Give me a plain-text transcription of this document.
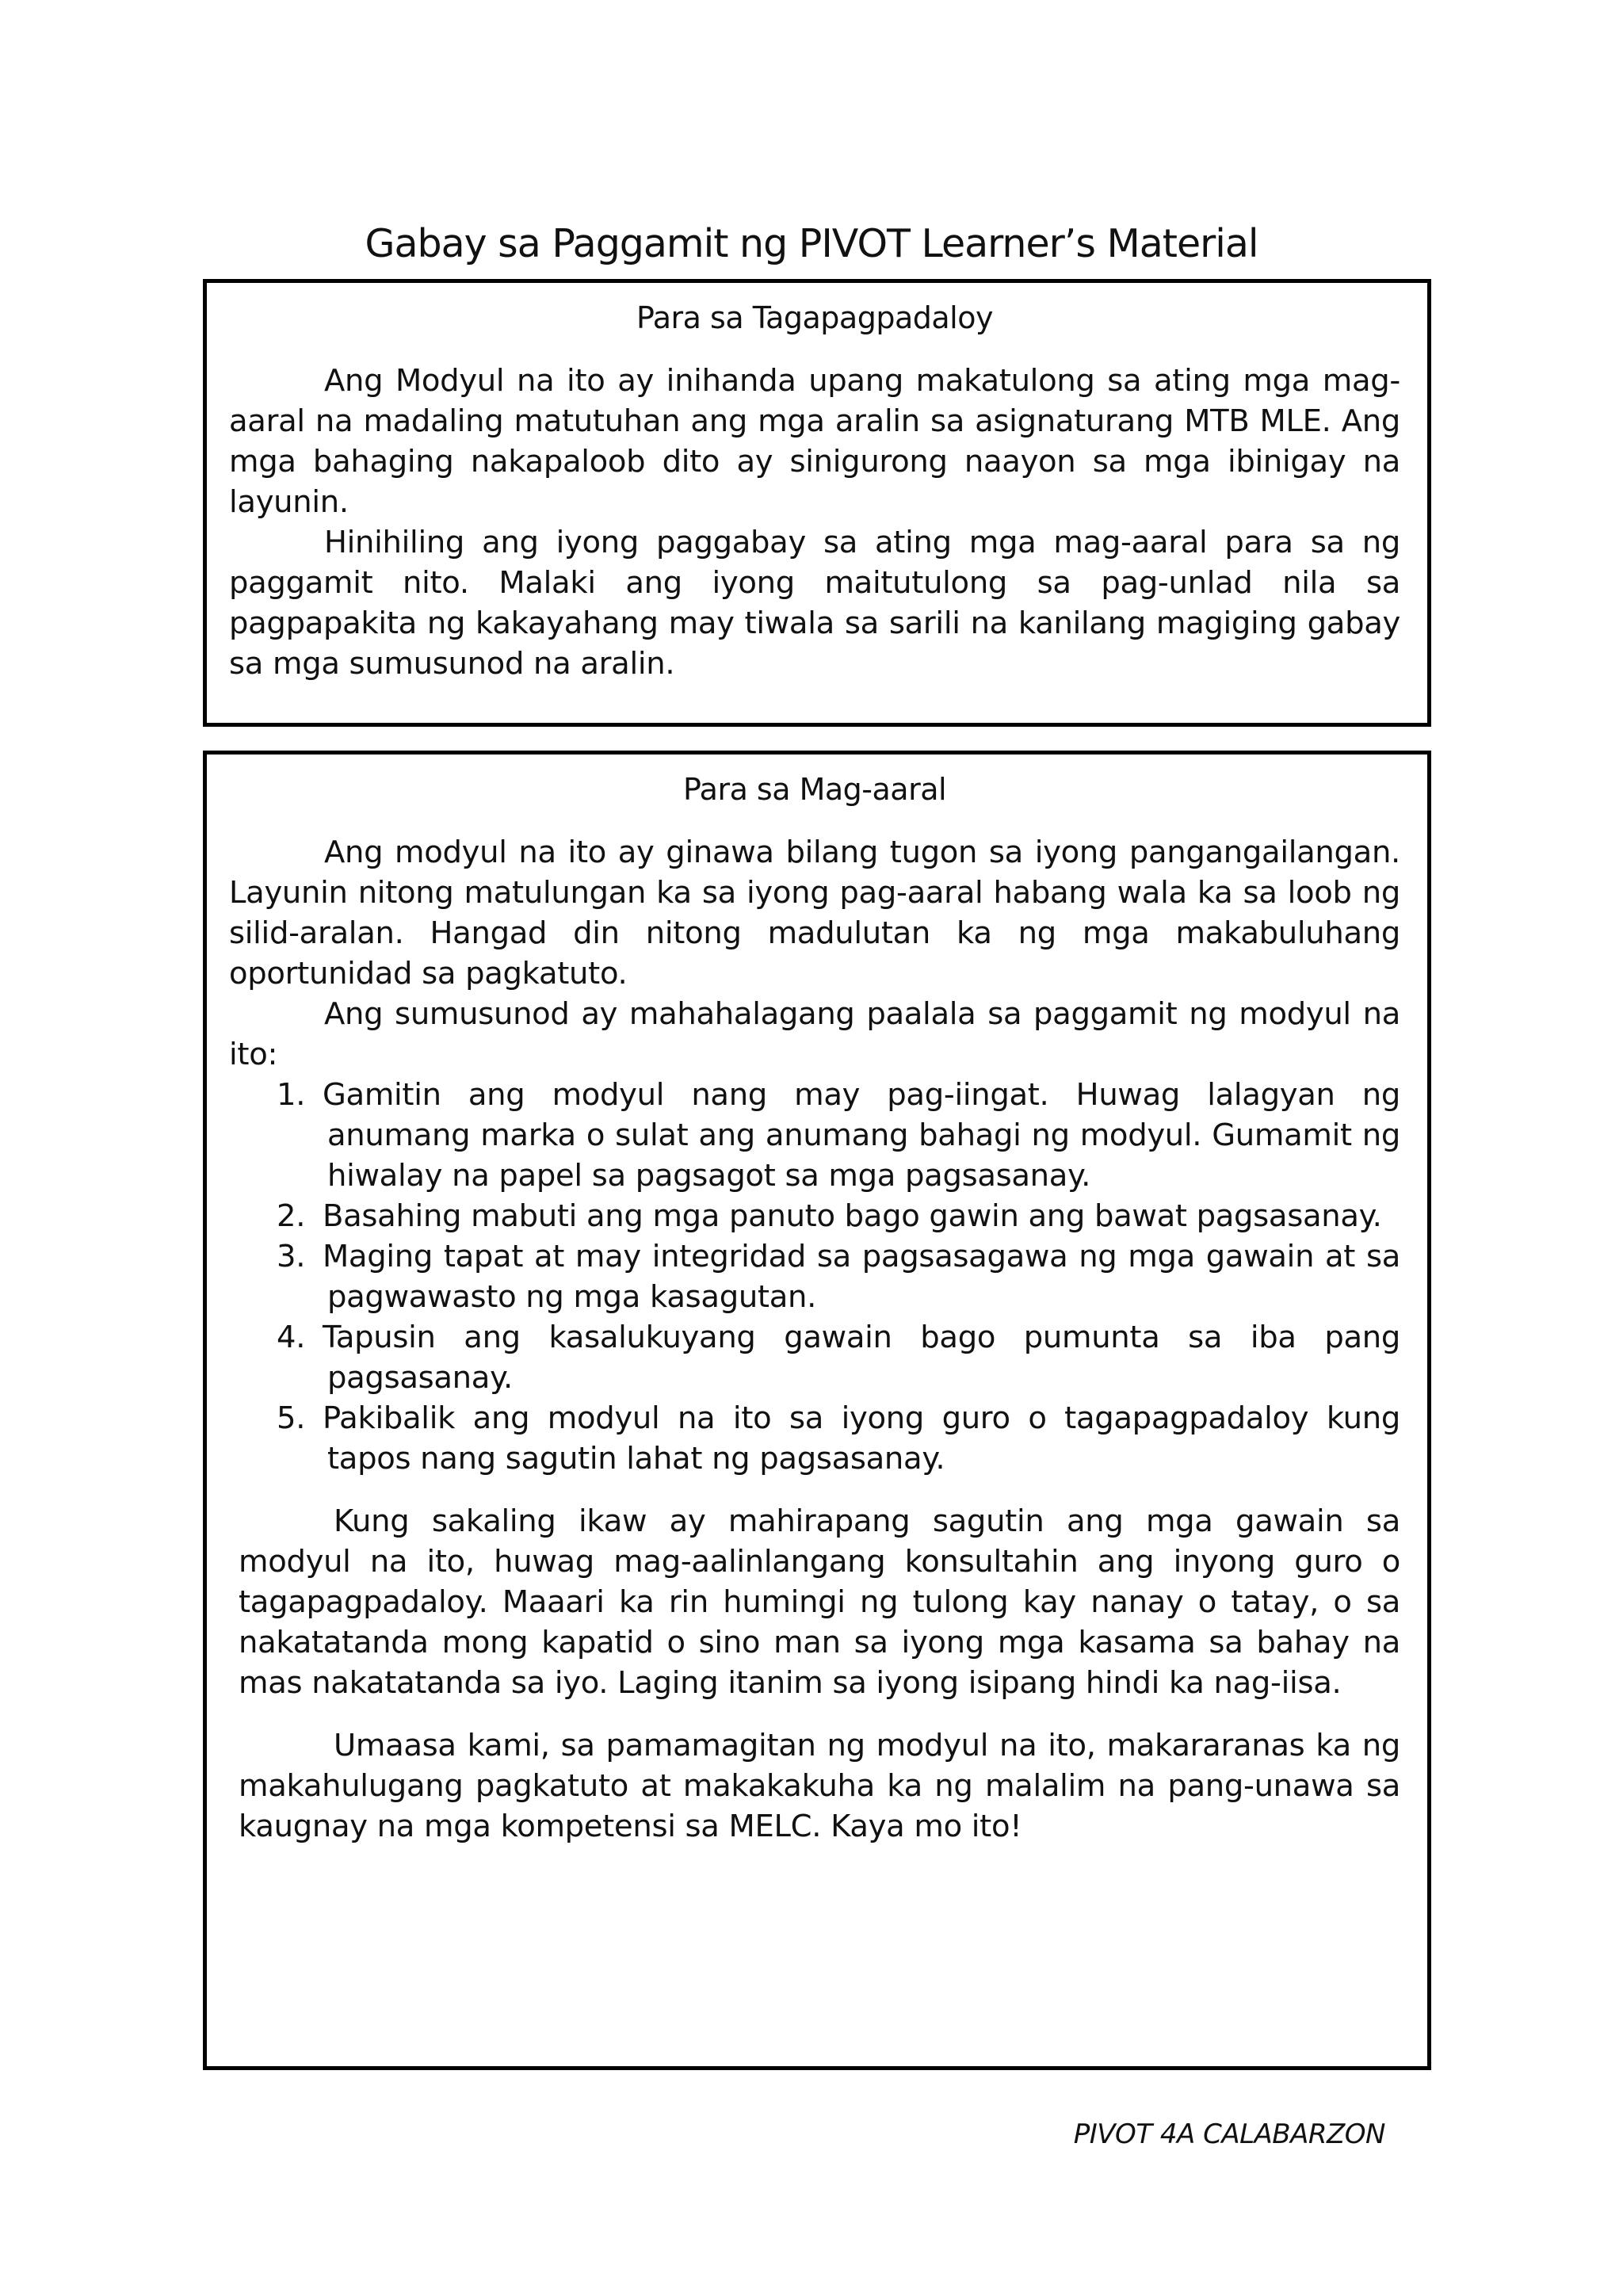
Gabay sa Paggamit ng PIVOT Learner’s Material
Para sa Tagapagpadaloy

Ang Modyul na ito ay inihanda upang makatulong sa ating mga mag-aaral na madaling matutuhan ang mga aralin sa asignaturang MTB MLE. Ang mga bahaging nakapaloob dito ay sinigurong naayon sa mga ibinigay na layunin.

Hinihiling ang iyong paggabay sa ating mga mag-aaral para sa ng paggamit nito. Malaki ang iyong maitutulong sa pag-unlad nila sa pagpapakita ng kakayahang may tiwala sa sarili na kanilang magiging gabay sa mga sumusunod na aralin.

Para sa Mag-aaral

Ang modyul na ito ay ginawa bilang tugon sa iyong pangangailangan. Layunin nitong matulungan ka sa iyong pag-aaral habang wala ka sa loob ng silid-aralan. Hangad din nitong madulutan ka ng mga makabuluhang oportunidad sa pagkatuto.

Ang sumusunod ay mahahalagang paalala sa paggamit ng modyul na ito:

1. Gamitin ang modyul nang may pag-iingat. Huwag lalagyan ng anumang marka o sulat ang anumang bahagi ng modyul. Gumamit ng hiwalay na papel sa pagsagot sa mga pagsasanay.
2. Basahing mabuti ang mga panuto bago gawin ang bawat pagsasanay.
3. Maging tapat at may integridad sa pagsasagawa ng mga gawain at sa pagwawasto ng mga kasagutan.
4. Tapusin ang kasalukuyang gawain bago pumunta sa iba pang pagsasanay.
5. Pakibalik ang modyul na ito sa iyong guro o tagapagpadaloy kung tapos nang sagutin lahat ng pagsasanay.

Kung sakaling ikaw ay mahirapang sagutin ang mga gawain sa modyul na ito, huwag mag-aalinlangang konsultahin ang inyong guro o tagapagpadaloy. Maaari ka rin humingi ng tulong kay nanay o tatay, o sa nakatatanda mong kapatid o sino man sa iyong mga kasama sa bahay na mas nakatatanda sa iyo. Laging itanim sa iyong isipang hindi ka nag-iisa.

Umaasa kami, sa pamamagitan ng modyul na ito, makararanas ka ng makahulugang pagkatuto at makakakuha ka ng malalim na pang-unawa sa kaugnay na mga kompetensi sa MELC. Kaya mo ito!

PIVOT 4A CALABARZON
